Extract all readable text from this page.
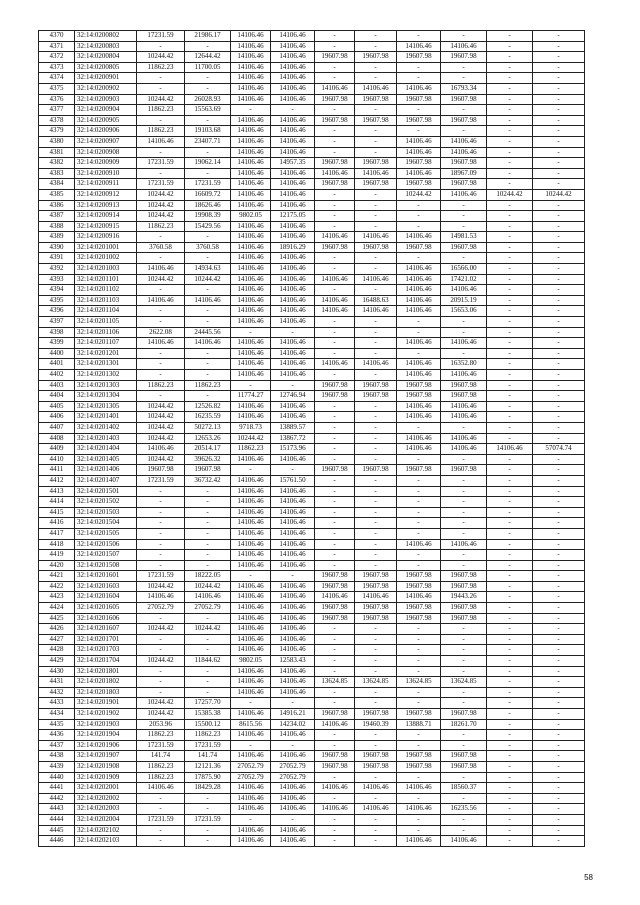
4370	32:14:0200802	17231.59	21986.17	14106.46	14106.46	-	-	-	-	-	-
4371	32:14:0200803	-	-	14106.46	14106.46	-	-	14106.46	14106.46	-	-
4372	32:14:0200804	10244.42	12644.42	14106.46	14106.46	19607.98	19607.98	19607.98	19607.98	-	-
4373	32:14:0200805	11862.23	11700.05	14106.46	14106.46	-	-	-	-	-	-
4374	32:14:0200901	-	-	14106.46	14106.46	-	-	-	-	-	-
4375	32:14:0200902	-	-	14106.46	14106.46	14106.46	14106.46	14106.46	16793.34	-	-
4376	32:14:0200903	10244.42	26028.93	14106.46	14106.46	19607.98	19607.98	19607.98	19607.98	-	-
4377	32:14:0200904	11862.23	15563.69	-	-	-	-	-	-	-	-
4378	32:14:0200905	-	-	14106.46	14106.46	19607.98	19607.98	19607.98	19607.98	-	-
4379	32:14:0200906	11862.23	19103.68	14106.46	14106.46	-	-	-	-	-	-
4380	32:14:0200907	14106.46	23407.71	14106.46	14106.46	-	-	14106.46	14106.46	-	-
4381	32:14:0200908	-	-	14106.46	14106.46	-	-	14106.46	14106.46	-	-
4382	32:14:0200909	17231.59	19062.14	14106.46	14957.35	19607.98	19607.98	19607.98	19607.98	-	-
4383	32:14:0200910	-	-	14106.46	14106.46	14106.46	14106.46	14106.46	18967.09	-	-
4384	32:14:0200911	17231.59	17231.59	14106.46	14106.46	19607.98	19607.98	19607.98	19607.98	-	-
4385	32:14:0200912	10244.42	16609.72	14106.46	14106.46	-	-	10244.42	14106.46	10244.42	10244.42
4386	32:14:0200913	10244.42	18626.46	14106.46	14106.46	-	-	-	-	-	-
4387	32:14:0200914	10244.42	19908.39	9802.05	12175.05	-	-	-	-	-	-
4388	32:14:0200915	11862.23	15429.56	14106.46	14106.46	-	-	-	-	-	-
4389	32:14:0200916	-	-	14106.46	14106.46	14106.46	14106.46	14106.46	14981.53	-	-
4390	32:14:0201001	3760.58	3760.58	14106.46	18916.29	19607.98	19607.98	19607.98	19607.98	-	-
4391	32:14:0201002	-	-	14106.46	14106.46	-	-	-	-	-	-
4392	32:14:0201003	14106.46	14934.63	14106.46	14106.46	-	-	14106.46	16566.00	-	-
4393	32:14:0201101	10244.42	10244.42	14106.46	14106.46	14106.46	14106.46	14106.46	17421.02	-	-
4394	32:14:0201102	-	-	14106.46	14106.46	-	-	14106.46	14106.46	-	-
4395	32:14:0201103	14106.46	14106.46	14106.46	14106.46	14106.46	16488.63	14106.46	20915.19	-	-
4396	32:14:0201104	-	-	14106.46	14106.46	14106.46	14106.46	14106.46	15653.06	-	-
4397	32:14:0201105	-	-	14106.46	14106.46	-	-	-	-	-	-
4398	32:14:0201106	2622.08	24445.56	-	-	-	-	-	-	-	-
4399	32:14:0201107	14106.46	14106.46	14106.46	14106.46	-	-	14106.46	14106.46	-	-
4400	32:14:0201201	-	-	14106.46	14106.46	-	-	-	-	-	-
4401	32:14:0201301	-	-	14106.46	14106.46	14106.46	14106.46	14106.46	16352.80	-	-
4402	32:14:0201302	-	-	14106.46	14106.46	-	-	14106.46	14106.46	-	-
4403	32:14:0201303	11862.23	11862.23	-	-	19607.98	19607.98	19607.98	19607.98	-	-
4404	32:14:0201304	-	-	11774.27	12746.94	19607.98	19607.98	19607.98	19607.98	-	-
4405	32:14:0201305	10244.42	12526.82	14106.46	14106.46	-	-	14106.46	14106.46	-	-
4406	32:14:0201401	10244.42	16235.59	14106.46	14106.46	-	-	14106.46	14106.46	-	-
4407	32:14:0201402	10244.42	50272.13	9718.73	13889.57	-	-	-	-	-	-
4408	32:14:0201403	10244.42	12653.26	10244.42	13867.72	-	-	14106.46	14106.46	-	-
4409	32:14:0201404	14106.46	20514.17	11862.23	15173.96	-	-	14106.46	14106.46	14106.46	57074.74
4410	32:14:0201405	10244.42	39626.32	14106.46	14106.46	-	-	-	-	-	-
4411	32:14:0201406	19607.98	19607.98	-	-	19607.98	19607.98	19607.98	19607.98	-	-
4412	32:14:0201407	17231.59	36732.42	14106.46	15761.50	-	-	-	-	-	-
4413	32:14:0201501	-	-	14106.46	14106.46	-	-	-	-	-	-
4414	32:14:0201502	-	-	14106.46	14106.46	-	-	-	-	-	-
4415	32:14:0201503	-	-	14106.46	14106.46	-	-	-	-	-	-
4416	32:14:0201504	-	-	14106.46	14106.46	-	-	-	-	-	-
4417	32:14:0201505	-	-	14106.46	14106.46	-	-	-	-	-	-
4418	32:14:0201506	-	-	14106.46	14106.46	-	-	14106.46	14106.46	-	-
4419	32:14:0201507	-	-	14106.46	14106.46	-	-	-	-	-	-
4420	32:14:0201508	-	-	14106.46	14106.46	-	-	-	-	-	-
4421	32:14:0201601	17231.59	18222.05	-	-	19607.98	19607.98	19607.98	19607.98	-	-
4422	32:14:0201603	10244.42	10244.42	14106.46	14106.46	19607.98	19607.98	19607.98	19607.98	-	-
4423	32:14:0201604	14106.46	14106.46	14106.46	14106.46	14106.46	14106.46	14106.46	19443.26	-	-
4424	32:14:0201605	27052.79	27052.79	14106.46	14106.46	19607.98	19607.98	19607.98	19607.98	-	-
4425	32:14:0201606	-	-	14106.46	14106.46	19607.98	19607.98	19607.98	19607.98	-	-
4426	32:14:0201607	10244.42	10244.42	14106.46	14106.46	-	-	-	-	-	-
4427	32:14:0201701	-	-	14106.46	14106.46	-	-	-	-	-	-
4428	32:14:0201703	-	-	14106.46	14106.46	-	-	-	-	-	-
4429	32:14:0201704	10244.42	11844.62	9802.05	12583.43	-	-	-	-	-	-
4430	32:14:0201801	-	-	14106.46	14106.46	-	-	-	-	-	-
4431	32:14:0201802	-	-	14106.46	14106.46	13624.85	13624.85	13624.85	13624.85	-	-
4432	32:14:0201803	-	-	14106.46	14106.46	-	-	-	-	-	-
4433	32:14:0201901	10244.42	17257.70	-	-	-	-	-	-	-	-
4434	32:14:0201902	10244.42	15385.38	14106.46	14916.21	19607.98	19607.98	19607.98	19607.98	-	-
4435	32:14:0201903	2053.96	15500.12	8615.56	14234.02	14106.46	19460.39	13888.71	18261.70	-	-
4436	32:14:0201904	11862.23	11862.23	14106.46	14106.46	-	-	-	-	-	-
4437	32:14:0201906	17231.59	17231.59	-	-	-	-	-	-	-	-
4438	32:14:0201907	141.74	141.74	14106.46	14106.46	19607.98	19607.98	19607.98	19607.98	-	-
4439	32:14:0201908	11862.23	12121.36	27052.79	27052.79	19607.98	19607.98	19607.98	19607.98	-	-
4440	32:14:0201909	11862.23	17875.90	27052.79	27052.79	-	-	-	-	-	-
4441	32:14:0202001	14106.46	18429.28	14106.46	14106.46	14106.46	14106.46	14106.46	18560.37	-	-
4442	32:14:0202002	-	-	14106.46	14106.46	-	-	-	-	-	-
4443	32:14:0202003	-	-	14106.46	14106.46	14106.46	14106.46	14106.46	16235.56	-	-
4444	32:14:0202004	17231.59	17231.59	-	-	-	-	-	-	-	-
4445	32:14:0202102	-	-	14106.46	14106.46	-	-	-	-	-	-
4446	32:14:0202103	-	-	14106.46	14106.46	-	-	14106.46	14106.46	-	-
58
